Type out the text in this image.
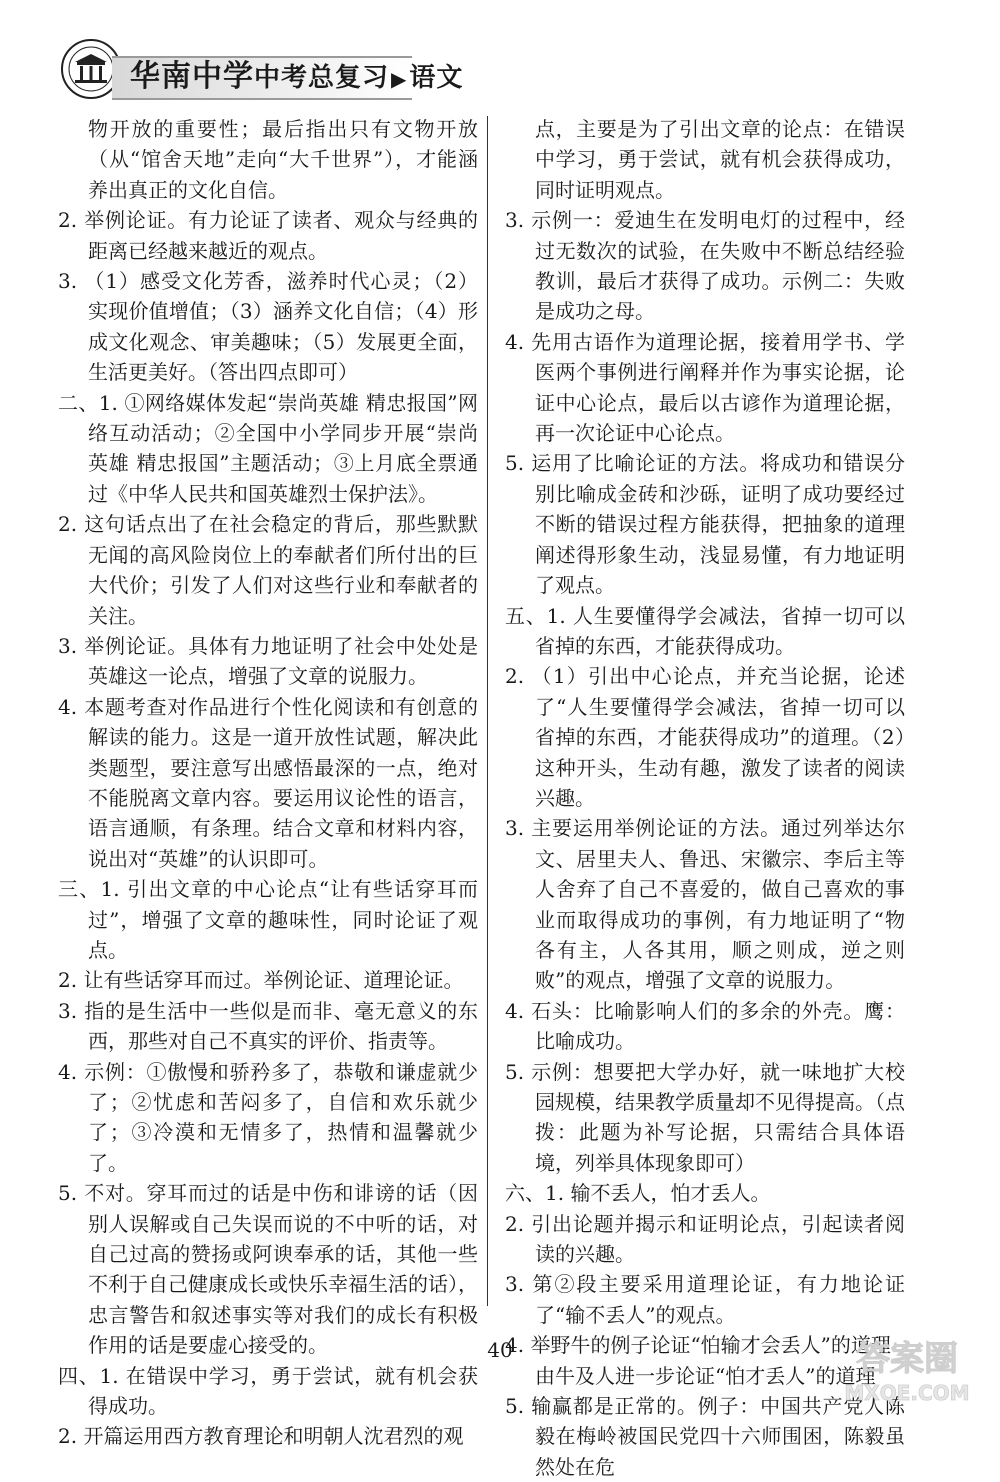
华南中学中考总复习 ▶语文

物开放的重要性；最后指出只有文物开放（从“馆舍天地”走向“大千世界”），才能涵养出真正的文化自信。

2. 举例论证。有力论证了读者、观众与经典的距离已经越来越近的观点。

3. （1）感受文化芳香，滋养时代心灵；（2）实现价值增值；（3）涵养文化自信；（4）形成文化观念、审美趣味；（5）发展更全面，生活更美好。（答出四点即可）

二、1. ①网络媒体发起“崇尚英雄 精忠报国”网络互动活动；②全国中小学同步开展“崇尚英雄 精忠报国”主题活动；③上月底全票通过《中华人民共和国英雄烈士保护法》。

2. 这句话点出了在社会稳定的背后，那些默默无闻的高风险岗位上的奉献者们所付出的巨大代价；引发了人们对这些行业和奉献者的关注。

3. 举例论证。具体有力地证明了社会中处处是英雄这一论点，增强了文章的说服力。

4. 本题考查对作品进行个性化阅读和有创意的解读的能力。这是一道开放性试题，解决此类题型，要注意写出感悟最深的一点，绝对不能脱离文章内容。要运用议论性的语言，语言通顺，有条理。结合文章和材料内容，说出对“英雄”的认识即可。

三、1. 引出文章的中心论点“让有些话穿耳而过”，增强了文章的趣味性，同时论证了观点。

2. 让有些话穿耳而过。举例论证、道理论证。

3. 指的是生活中一些似是而非、毫无意义的东西，那些对自己不真实的评价、指责等。

4. 示例：①傲慢和骄矜多了，恭敬和谦虚就少了；②忧虑和苦闷多了，自信和欢乐就少了；③冷漠和无情多了，热情和温馨就少了。

5. 不对。穿耳而过的话是中伤和诽谤的话（因别人误解或自己失误而说的不中听的话，对自己过高的赞扬或阿谀奉承的话，其他一些不利于自己健康成长或快乐幸福生活的话），忠言警告和叙述事实等对我们的成长有积极作用的话是要虚心接受的。

四、1. 在错误中学习，勇于尝试，就有机会获得成功。

2. 开篇运用西方教育理论和明朝人沈君烈的观

点，主要是为了引出文章的论点：在错误中学习，勇于尝试，就有机会获得成功，同时证明观点。

3. 示例一：爱迪生在发明电灯的过程中，经过无数次的试验，在失败中不断总结经验教训，最后才获得了成功。示例二：失败是成功之母。

4. 先用古语作为道理论据，接着用学书、学医两个事例进行阐释并作为事实论据，论证中心论点，最后以古谚作为道理论据，再一次论证中心论点。

5. 运用了比喻论证的方法。将成功和错误分别比喻成金砖和沙砾，证明了成功要经过不断的错误过程方能获得，把抽象的道理阐述得形象生动，浅显易懂，有力地证明了观点。

五、1. 人生要懂得学会减法，省掉一切可以省掉的东西，才能获得成功。

2. （1）引出中心论点，并充当论据，论述了“人生要懂得学会减法，省掉一切可以省掉的东西，才能获得成功”的道理。（2）这种开头，生动有趣，激发了读者的阅读兴趣。

3. 主要运用举例论证的方法。通过列举达尔文、居里夫人、鲁迅、宋徽宗、李后主等人舍弃了自己不喜爱的，做自己喜欢的事业而取得成功的事例，有力地证明了“物各有主，人各其用，顺之则成，逆之则败”的观点，增强了文章的说服力。

4. 石头：比喻影响人们的多余的外壳。鹰：比喻成功。

5. 示例：想要把大学办好，就一味地扩大校园规模，结果教学质量却不见得提高。（点拨：此题为补写论据，只需结合具体语境，列举具体现象即可）

六、1. 输不丢人，怕才丢人。

2. 引出论题并揭示和证明论点，引起读者阅读的兴趣。

3. 第②段主要采用道理论证，有力地论证了“输不丢人”的观点。

4. 举野牛的例子论证“怕输才会丢人”的道理

由牛及人进一步论证“怕才丢人”的道理

5. 输赢都是正常的。例子：中国共产党人陈毅在梅岭被国民党四十六师围困，陈毅虽然处在危

40	答案圈
MXQE.COM
